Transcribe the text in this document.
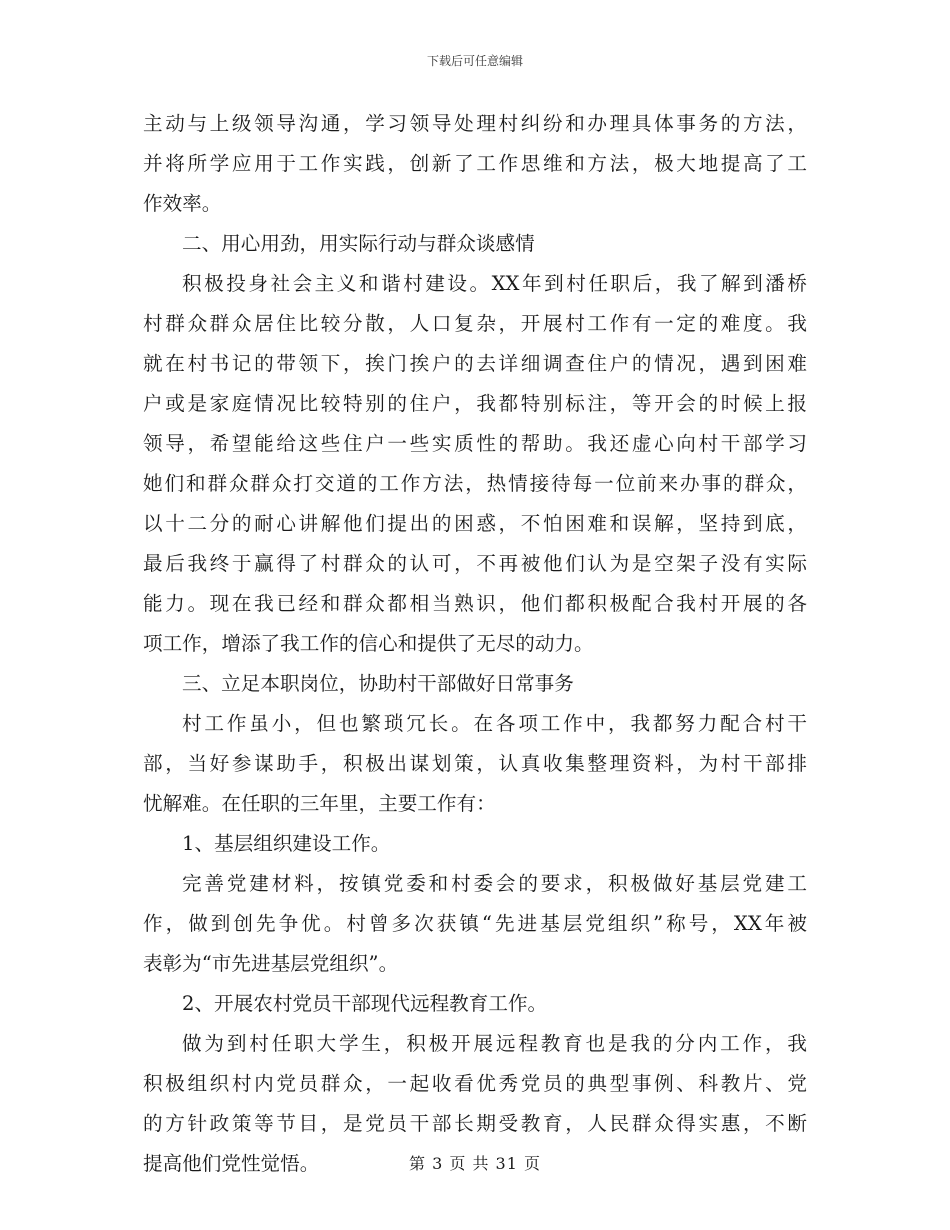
下载后可任意编辑
主动与上级领导沟通，学习领导处理村纠纷和办理具体事务的方法，
并将所学应用于工作实践，创新了工作思维和方法，极大地提高了工
作效率。
二、用心用劲，用实际行动与群众谈感情
积极投身社会主义和谐村建设。XX年到村任职后，我了解到潘桥
村群众群众居住比较分散，人口复杂，开展村工作有一定的难度。我
就在村书记的带领下，挨门挨户的去详细调查住户的情况，遇到困难
户或是家庭情况比较特别的住户，我都特别标注，等开会的时候上报
领导，希望能给这些住户一些实质性的帮助。我还虚心向村干部学习
她们和群众群众打交道的工作方法，热情接待每一位前来办事的群众，
以十二分的耐心讲解他们提出的困惑，不怕困难和误解，坚持到底，
最后我终于赢得了村群众的认可，不再被他们认为是空架子没有实际
能力。现在我已经和群众都相当熟识，他们都积极配合我村开展的各
项工作，增添了我工作的信心和提供了无尽的动力。
三、立足本职岗位，协助村干部做好日常事务
村工作虽小，但也繁琐冗长。在各项工作中，我都努力配合村干
部，当好参谋助手，积极出谋划策，认真收集整理资料，为村干部排
忧解难。在任职的三年里，主要工作有：
1、基层组织建设工作。
完善党建材料，按镇党委和村委会的要求，积极做好基层党建工
作，做到创先争优。村曾多次获镇“先进基层党组织”称号，XX年被
表彰为“市先进基层党组织”。
2、开展农村党员干部现代远程教育工作。
做为到村任职大学生，积极开展远程教育也是我的分内工作，我
积极组织村内党员群众，一起收看优秀党员的典型事例、科教片、党
的方针政策等节目，是党员干部长期受教育，人民群众得实惠，不断
提高他们党性觉悟。	第 3 页 共 31 页
